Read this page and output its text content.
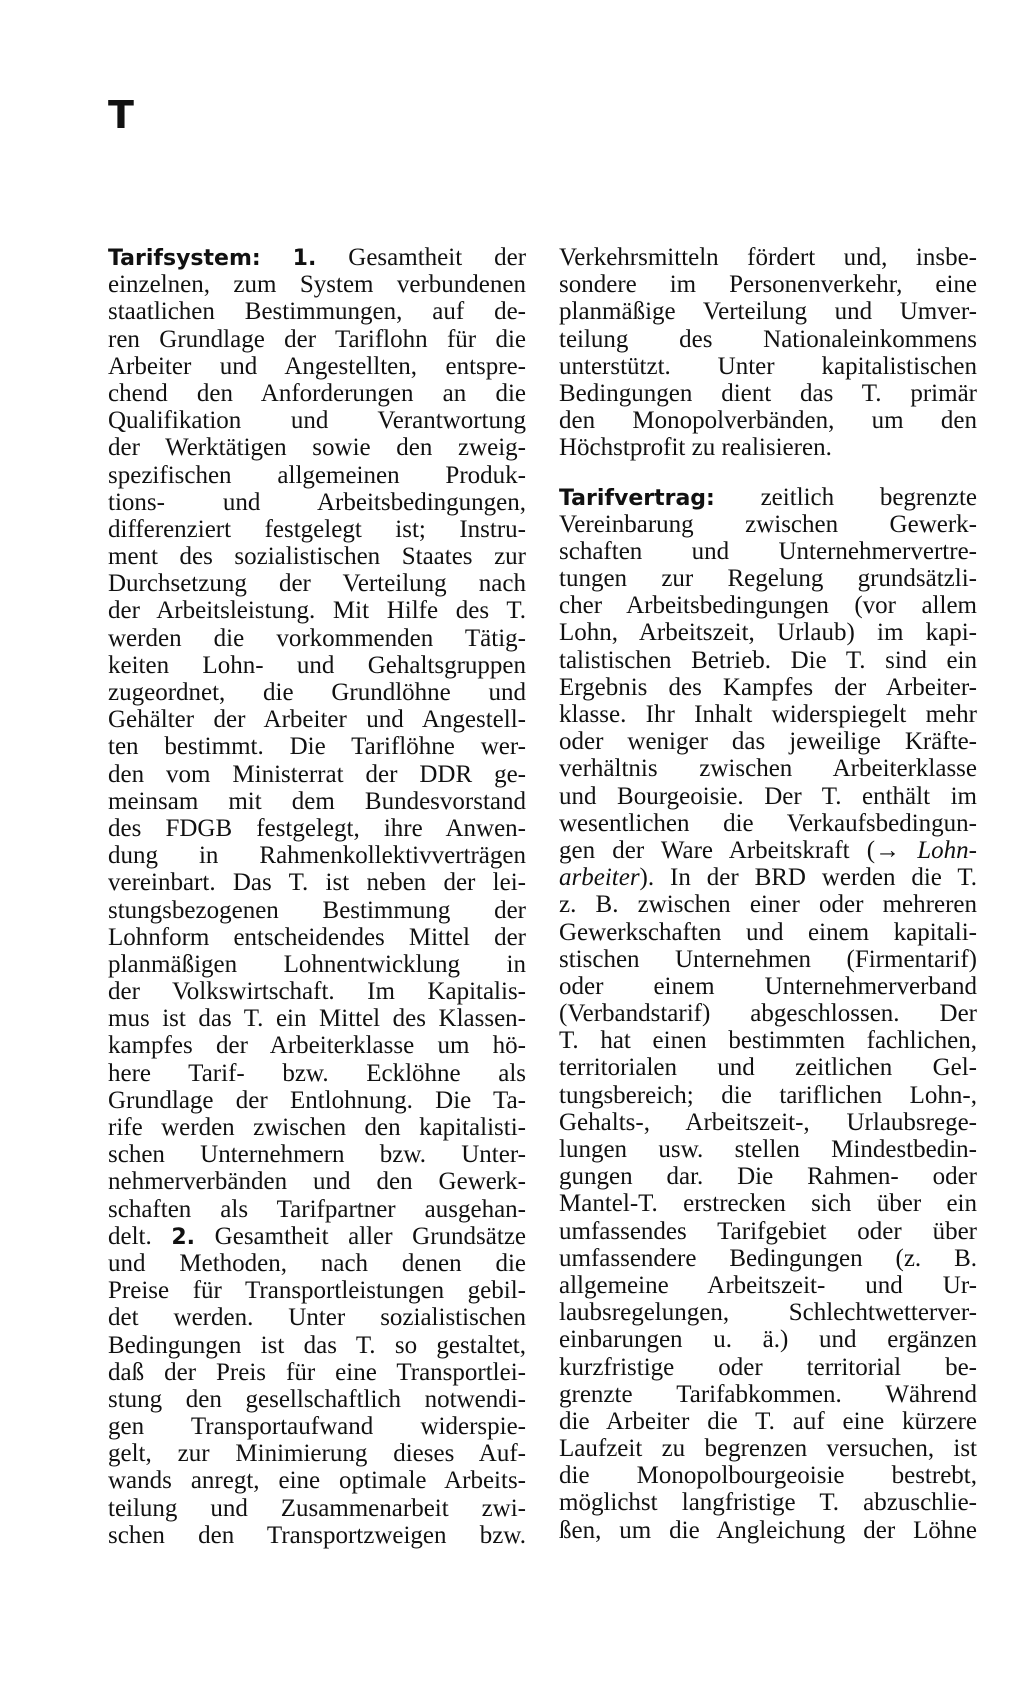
T
Tarifsystem: 1. Gesamtheit der
einzelnen, zum System verbundenen
staatlichen Bestimmungen, auf de-
ren Grundlage der Tariflohn für die
Arbeiter und Angestellten, entspre-
chend den Anforderungen an die
Qualifikation und Verantwortung
der Werktätigen sowie den zweig-
spezifischen allgemeinen Produk-
tions- und Arbeitsbedingungen,
differenziert festgelegt ist; Instru-
ment des sozialistischen Staates zur
Durchsetzung der Verteilung nach
der Arbeitsleistung. Mit Hilfe des T.
werden die vorkommenden Tätig-
keiten Lohn- und Gehaltsgruppen
zugeordnet, die Grundlöhne und
Gehälter der Arbeiter und Angestell-
ten bestimmt. Die Tariflöhne wer-
den vom Ministerrat der DDR ge-
meinsam mit dem Bundesvorstand
des FDGB festgelegt, ihre Anwen-
dung in Rahmenkollektivverträgen
vereinbart. Das T. ist neben der lei-
stungsbezogenen Bestimmung der
Lohnform entscheidendes Mittel der
planmäßigen Lohnentwicklung in
der Volkswirtschaft. Im Kapitalis-
mus ist das T. ein Mittel des Klassen-
kampfes der Arbeiterklasse um hö-
here Tarif- bzw. Ecklöhne als
Grundlage der Entlohnung. Die Ta-
rife werden zwischen den kapitalisti-
schen Unternehmern bzw. Unter-
nehmerverbänden und den Gewerk-
schaften als Tarifpartner ausgehan-
delt. 2. Gesamtheit aller Grundsätze
und Methoden, nach denen die
Preise für Transportleistungen gebil-
det werden. Unter sozialistischen
Bedingungen ist das T. so gestaltet,
daß der Preis für eine Transportlei-
stung den gesellschaftlich notwendi-
gen Transportaufwand widerspie-
gelt, zur Minimierung dieses Auf-
wands anregt, eine optimale Arbeits-
teilung und Zusammenarbeit zwi-
schen den Transportzweigen bzw.
Verkehrsmitteln fördert und, insbe-
sondere im Personenverkehr, eine
planmäßige Verteilung und Umver-
teilung des Nationaleinkommens
unterstützt. Unter kapitalistischen
Bedingungen dient das T. primär
den Monopolverbänden, um den
Höchstprofit zu realisieren.
Tarifvertrag: zeitlich begrenzte
Vereinbarung zwischen Gewerk-
schaften und Unternehmervertre-
tungen zur Regelung grundsätzli-
cher Arbeitsbedingungen (vor allem
Lohn, Arbeitszeit, Urlaub) im kapi-
talistischen Betrieb. Die T. sind ein
Ergebnis des Kampfes der Arbeiter-
klasse. Ihr Inhalt widerspiegelt mehr
oder weniger das jeweilige Kräfte-
verhältnis zwischen Arbeiterklasse
und Bourgeoisie. Der T. enthält im
wesentlichen die Verkaufsbedingun-
gen der Ware Arbeitskraft (→ Lohn-
arbeiter). In der BRD werden die T.
z. B. zwischen einer oder mehreren
Gewerkschaften und einem kapitali-
stischen Unternehmen (Firmentarif)
oder einem Unternehmerverband
(Verbandstarif) abgeschlossen. Der
T. hat einen bestimmten fachlichen,
territorialen und zeitlichen Gel-
tungsbereich; die tariflichen Lohn-,
Gehalts-, Arbeitszeit-, Urlaubsrege-
lungen usw. stellen Mindestbedin-
gungen dar. Die Rahmen- oder
Mantel-T. erstrecken sich über ein
umfassendes Tarifgebiet oder über
umfassendere Bedingungen (z. B.
allgemeine Arbeitszeit- und Ur-
laubsregelungen, Schlechtwetterver-
einbarungen u. ä.) und ergänzen
kurzfristige oder territorial be-
grenzte Tarifabkommen. Während
die Arbeiter die T. auf eine kürzere
Laufzeit zu begrenzen versuchen, ist
die Monopolbourgeoisie bestrebt,
möglichst langfristige T. abzuschlie-
ßen, um die Angleichung der Löhne
